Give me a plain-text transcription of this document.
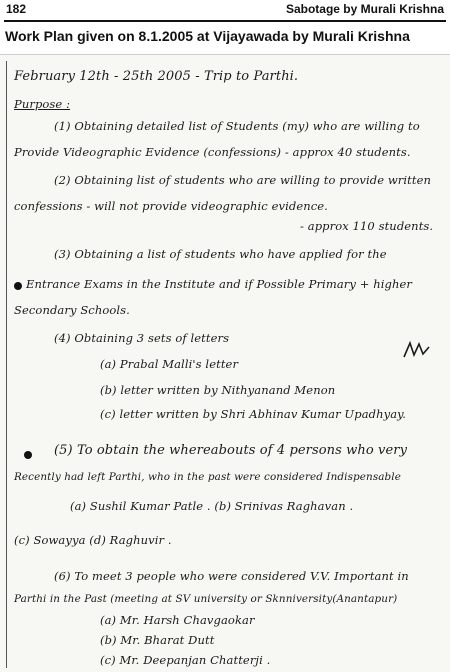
182	Sabotage by Murali Krishna
Work Plan given on 8.1.2005 at Vijayawada by Murali Krishna
February 12th - 25th 2005 - Trip to Parthi.
Purpose :
(1) Obtaining detailed list of Students (my) who are willing to
Provide Videographic Evidence (confessions) - approx 40 students.
(2) Obtaining list of students who are willing to provide written
confessions - will not provide videographic evidence.
- approx 110 students.
(3) Obtaining a list of students who have applied for the
Entrance Exams in the Institute and if Possible Primary + higher
Secondary Schools.
(4) Obtaining 3 sets of letters
(a) Prabal Malli's letter
(b) letter written by Nithyanand Menon
(c) letter written by Shri Abhinav Kumar Upadhyay.
(5) To obtain the whereabouts of 4 persons who very
Recently had left Parthi, who in the past were considered Indispensable
(a) Sushil Kumar Patle . (b) Srinivas Raghavan .
(c) Sowayya (d) Raghuvir .
(6) To meet 3 people who were considered V.V. Important in
Parthi in the Past (meeting at SV university or Sknniversity(Anantapur)
(a) Mr. Harsh Chavgaokar
(b) Mr. Bharat Dutt
(c) Mr. Deepanjan Chatterji .
